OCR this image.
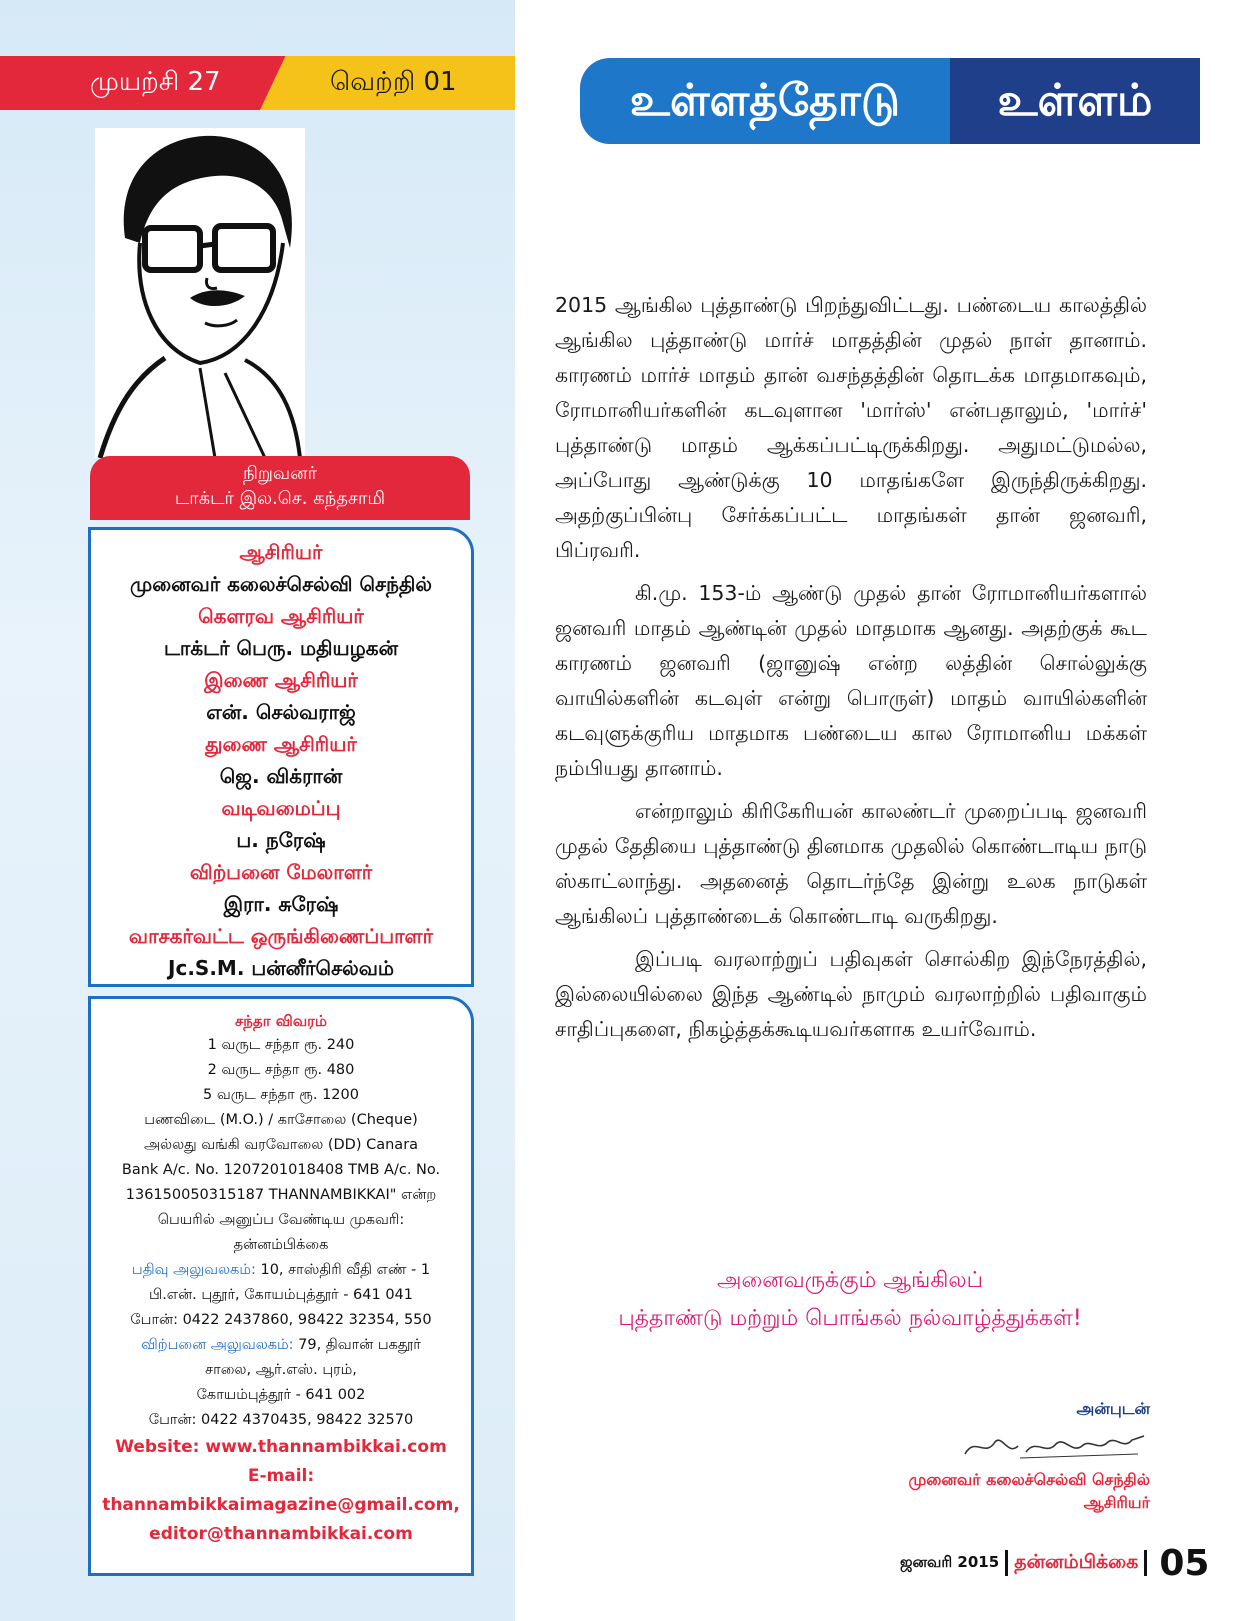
முயற்சி 27	வெற்றி 01
நிறுவனர்
டாக்டர் இல.செ. கந்தசாமி
ஆசிரியர்
முனைவர் கலைச்செல்வி செந்தில்
கௌரவ ஆசிரியர்
டாக்டர் பெரு. மதியழகன்
இணை ஆசிரியர்
என். செல்வராஜ்
துணை ஆசிரியர்
ஜெ. விக்ரான்
வடிவமைப்பு
ப. நரேஷ்
விற்பனை மேலாளர்
இரா. சுரேஷ்
வாசகர்வட்ட ஒருங்கிணைப்பாளர்
Jc.S.M. பன்னீர்செல்வம்
சந்தா விவரம்
1 வருட சந்தா ரூ. 240
2 வருட சந்தா ரூ. 480
5 வருட சந்தா ரூ. 1200
பணவிடை (M.O.) / காசோலை (Cheque)
அல்லது வங்கி வரவோலை (DD) Canara
Bank A/c. No. 1207201018408 TMB A/c. No.
136150050315187 THANNAMBIKKAI" என்ற
பெயரில் அனுப்ப வேண்டிய முகவரி:
தன்னம்பிக்கை
பதிவு அலுவலகம்: 10, சாஸ்திரி வீதி எண் - 1
பி.என். புதூர், கோயம்புத்தூர் - 641 041
போன்: 0422 2437860, 98422 32354, 550
விற்பனை அலுவலகம்: 79, திவான் பகதூர்
சாலை, ஆர்.எஸ். புரம்,
கோயம்புத்தூர் - 641 002
போன்: 0422 4370435, 98422 32570
Website: www.thannambikkai.com
E-mail:
thannambikkaimagazine@gmail.com,
editor@thannambikkai.com
உள்ளத்தோடு	உள்ளம்

2015 ஆங்கில புத்தாண்டு பிறந்துவிட்டது. பண்டைய காலத்தில் ஆங்கில புத்தாண்டு மார்ச் மாதத்தின் முதல் நாள் தானாம். காரணம் மார்ச் மாதம் தான் வசந்தத்தின் தொடக்க மாதமாகவும், ரோமானியர்களின் கடவுளான 'மார்ஸ்' என்பதாலும், 'மார்ச்' புத்தாண்டு மாதம் ஆக்கப்பட்டிருக்கிறது. அதுமட்டுமல்ல, அப்போது ஆண்டுக்கு 10 மாதங்களே இருந்திருக்கிறது. அதற்குப்பின்பு சேர்க்கப்பட்ட மாதங்கள் தான் ஜனவரி, பிப்ரவரி.

கி.மு. 153-ம் ஆண்டு முதல் தான் ரோமானியர்களால் ஜனவரி மாதம் ஆண்டின் முதல் மாதமாக ஆனது. அதற்குக் கூட காரணம் ஜனவரி (ஜானுஷ் என்ற லத்தின் சொல்லுக்கு வாயில்களின் கடவுள் என்று பொருள்) மாதம் வாயில்களின் கடவுளுக்குரிய மாதமாக பண்டைய கால ரோமானிய மக்கள் நம்பியது தானாம்.

என்றாலும் கிரிகேரியன் காலண்டர் முறைப்படி ஜனவரி முதல் தேதியை புத்தாண்டு தினமாக முதலில் கொண்டாடிய நாடு ஸ்காட்லாந்து. அதனைத் தொடர்ந்தே இன்று உலக நாடுகள் ஆங்கிலப் புத்தாண்டைக் கொண்டாடி வருகிறது.

இப்படி வரலாற்றுப் பதிவுகள் சொல்கிற இந்நேரத்தில், இல்லையில்லை இந்த ஆண்டில் நாமும் வரலாற்றில் பதிவாகும் சாதிப்புகளை, நிகழ்த்தக்கூடியவர்களாக உயர்வோம்.

அனைவருக்கும் ஆங்கிலப்
புத்தாண்டு மற்றும் பொங்கல் நல்வாழ்த்துக்கள்!
அன்புடன்
முனைவர் கலைச்செல்வி செந்தில்
ஆசிரியர்
ஜனவரி 2015 தன்னம்பிக்கை 05
